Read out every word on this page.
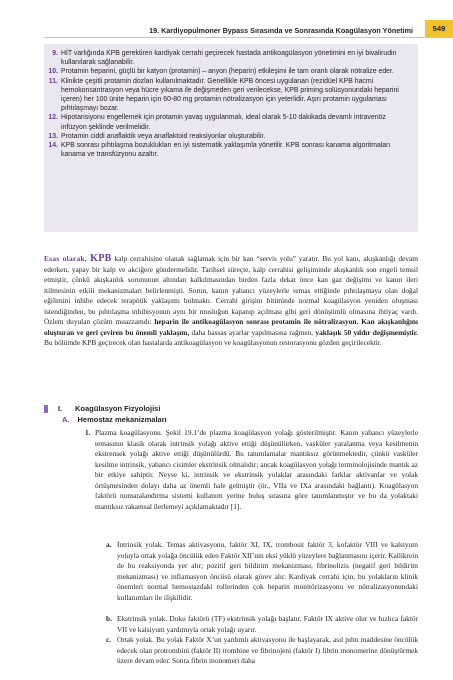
19. Kardiyopulmoner Bypass Sırasında ve Sonrasında Koagülasyon Yönetimi	549
9. HİT varlığında KPB gerektiren kardiyak cerrahi geçirecek hastada antikoagülasyon yönetimini en iyi bivalirudin kullanılarak sağlanabilir.
10. Protamin heparini, güçlü bir katyon (protamin) – anyon (heparin) etkileşimi ile tam oranlı olarak nötralize eder.
11. Klinikte çeşitli protamin dozları kullanılmaktadır. Genellikle KPB öncesi uygulanan (rezidüel KPB hacmi hemokonsantrasyon veya hücre yıkama ile değişmeden geri verilecekse, KPB priming solüsyonundaki heparini içeren) her 100 ünite heparin için 60-80 mg protamin nötralizasyon için yeterlidir. Aşırı protamin uygulaması pıhtılaşmayı bozar.
12. Hipotansiyonu engellemek için protamin yavaş uygulanmalı, ideal olarak 5-10 dakikada devamlı intravenöz infüzyon şeklinde verilmelidir.
13. Protamin ciddi anaflaktik veya anaflaktoid reaksiyonlar oluşturabilir.
14. KPB sonrası pıhtılaşma bozuklukları en iyi sistematik yaklaşımla yönetilir. KPB sonrası kanama algoritmaları kanama ve transfüzyonu azaltır.

Esas olarak, KPB kalp cerrahisine olanak sağlamak için bir kan “servis yolu” yaratır. Bu yol kanı, akışkanlığı devam ederken, yapay bir kalp ve akciğere göndermelidir. Tarihsel süreçte, kalp cerrahisi gelişiminde akışkanlık son engeli temsil etmiştir, çünkü akışkanlık sorununun altından kalkılmasından birden fazla dekat önce kan gaz değişimi ve kanın ileri itilmesinin etkili mekanizmaları belirlenmişti. Sorun, kanın yabancı yüzeylerle temas ettiğinde pıhtılaşmaya olan doğal eğilimini inhibe edecek terapötik yaklaşımı bulmaktı. Cerrahi girişim bitiminde normal koagülasyon yeniden oluşması istendiğinden, bu pıhtılaşma inhibisyonun aynı bir musluğun kapanıp açılması gibi geri dönüşümlü olmasına ihtiyaç vardı. Özlem duyulan çözüm muazzamdı: heparin ile antikoagülasyon sonrası protamin ile nötralizasyon. Kan akışkanlığını oluşturan ve geri çeviren bu önemli yaklaşım, daha hassas ayarlar yapılmasına rağmen, yaklaşık 50 yıldır değişmemiştir. Bu bölümde KPB geçirecek olan hastalarda antikoagülasyon ve koagülasyonun restorasyonu gözden geçirilecektir.

I. Koagülasyon Fizyolojisi
A. Hemostaz mekanizmaları

1. Plazma koagülasyonu. Şekil 19.1’de plazma koagülasyon yolağı gösterilmiştir. Kanın yabancı yüzeylerle temasının klasik olarak intrinsik yolağı aktive ettiği düşünülürken, vasküler yaralanma veya kesilmenin ekstrensek yolağı aktive ettiği düşünülürdü. Bu tanımlamalar mantıksız görünmektedir, çünkü vasküler kesilme intrinsik, yabancı cisimler ekstrinsik olmalıdır; ancak koagülasyon yolağı terminolojisinde mantık az bir etkiye sahiptir. Neyse ki, intrinsik ve ekstrinsik yolaklar arasındaki farklar aktivanlar ve yolak örtüşmesinden dolayı daha az önemli hale gelmiştir (ör., VIIa ve IXa arasındaki bağlantı). Koagülasyon faktörü numaralandırma sistemi kullanım yerine buluş sırasına göre tanımlanmıştır ve bu da yolaktaki mantıksız rakamsal ilerlemeyi açıklamaktadır [1].

a. İntrinsik yolak. Temas aktivasyonu, faktör XI, IX, trombosit faktör 3, kofaktör VIII ve kalsiyum yoluyla ortak yolağa öncülük eden Faktör XII’nin eksi yüklü yüzeylere bağlanmasını içerir. Kallikrein de bu reaksiyonda yer alır; pozitif geri bildirim mekanizması, fibrinolizis (negatif geri bildirim mekanizması) ve inflamasyon öncüsü olarak görev alır. Kardiyak cerrahi için, bu yolakların klinik önemleri normal hemostazdaki rollerinden çok heparin monitörizasyonu ve nötralizasyonundaki kullanımları ile ilişkilidir.

b. Ekstrinsik yolak. Doku faktörü (TF) ekstrinsik yolağı başlatır. Faktör IX aktive olur ve hızlıca faktör VII ve kalsiyum yardımıyla ortak yolağı uyarır.

c. Ortak yolak. Bu yolak Faktör X’un yardımlı aktivasyonu ile başlayarak, asıl pıhtı maddesine öncülük edecek olan protrombini (faktör II) trombine ve fibrinojeni (faktör I) fibrin monomerine dönüştürmek üzere devam eder. Sonra fibrin monomeri daha
